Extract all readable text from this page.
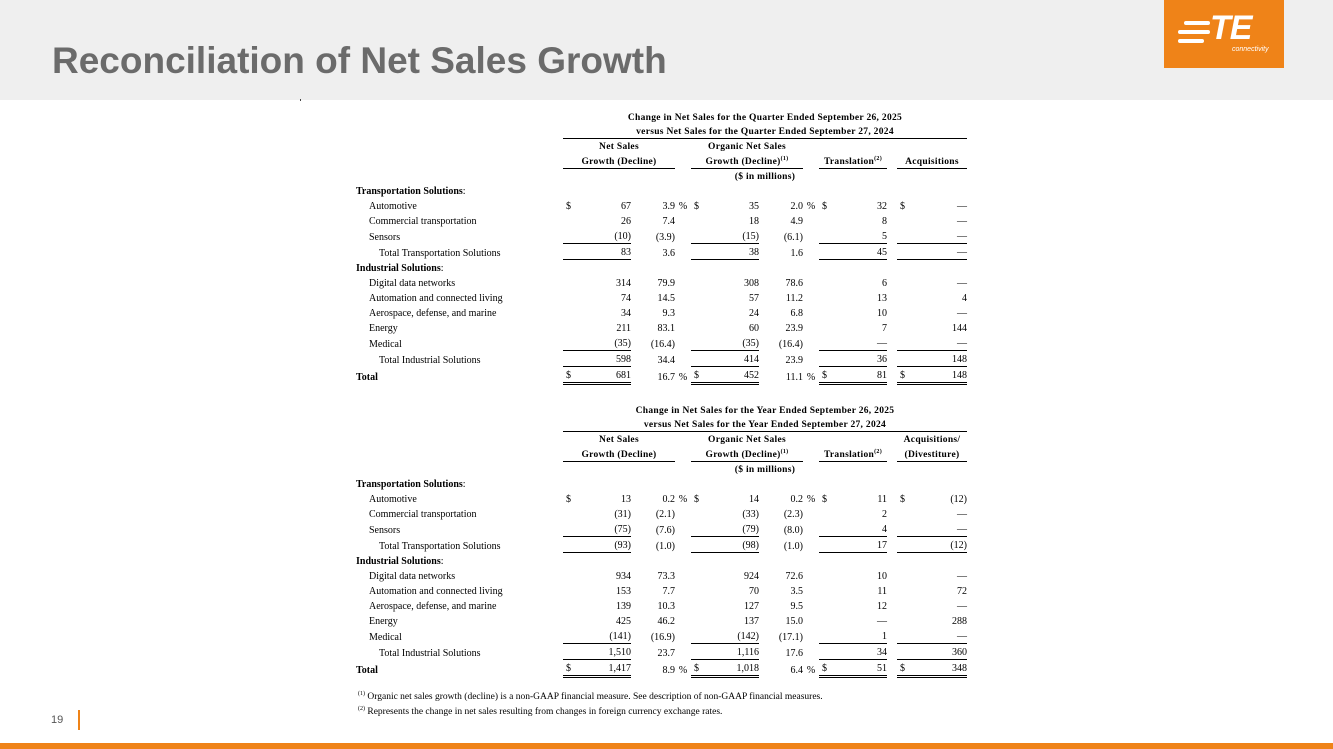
Reconciliation of Net Sales Growth
TE
connectivity
	Change in Net Sales for the Quarter Ended September 26, 2025												
	versus Net Sales for the Quarter Ended September 27, 2024												
	Net Sales				Organic Net Sales								
	Growth (Decline)				Growth (Decline)$^{(1)}$				Translation$^{(2)}$			Acquisitions	
	($ in millions)												
Transportation Solutions:													
Automotive	$	67	3.9	%	$	35	2.0	%	$	32		$	—
Commercial transportation		26	7.4			18	4.9			8			—
Sensors		(10)	(3.9)			(15)	(6.1)			5			—
Total Transportation Solutions		83	3.6			38	1.6			45			—
Industrial Solutions:													
Digital data networks		314	79.9			308	78.6			6			—
Automation and connected living		74	14.5			57	11.2			13			4
Aerospace, defense, and marine		34	9.3			24	6.8			10			—
Energy		211	83.1			60	23.9			7			144
Medical		(35)	(16.4)			(35)	(16.4)			—			—
Total Industrial Solutions		598	34.4			414	23.9			36			148
Total	$	681	16.7	%	$	452	11.1	%	$	81		$	148
	Change in Net Sales for the Year Ended September 26, 2025												
	versus Net Sales for the Year Ended September 27, 2024												
	Net Sales				Organic Net Sales							Acquisitions/	
	Growth (Decline)				Growth (Decline)$^{(1)}$				Translation$^{(2)}$			(Divestiture)	
	($ in millions)												
Transportation Solutions:													
Automotive	$	13	0.2	%	$	14	0.2	%	$	11		$	(12)
Commercial transportation		(31)	(2.1)			(33)	(2.3)			2			—
Sensors		(75)	(7.6)			(79)	(8.0)			4			—
Total Transportation Solutions		(93)	(1.0)			(98)	(1.0)			17			(12)
Industrial Solutions:													
Digital data networks		934	73.3			924	72.6			10			—
Automation and connected living		153	7.7			70	3.5			11			72
Aerospace, defense, and marine		139	10.3			127	9.5			12			—
Energy		425	46.2			137	15.0			—			288
Medical		(141)	(16.9)			(142)	(17.1)			1			—
Total Industrial Solutions		1,510	23.7			1,116	17.6			34			360
Total	$	1,417	8.9	%	$	1,018	6.4	%	$	51		$	348
$^{(1)}$ Organic net sales growth (decline) is a non-GAAP financial measure. See description of non-GAAP financial measures.
$^{(2)}$ Represents the change in net sales resulting from changes in foreign currency exchange rates.
19
